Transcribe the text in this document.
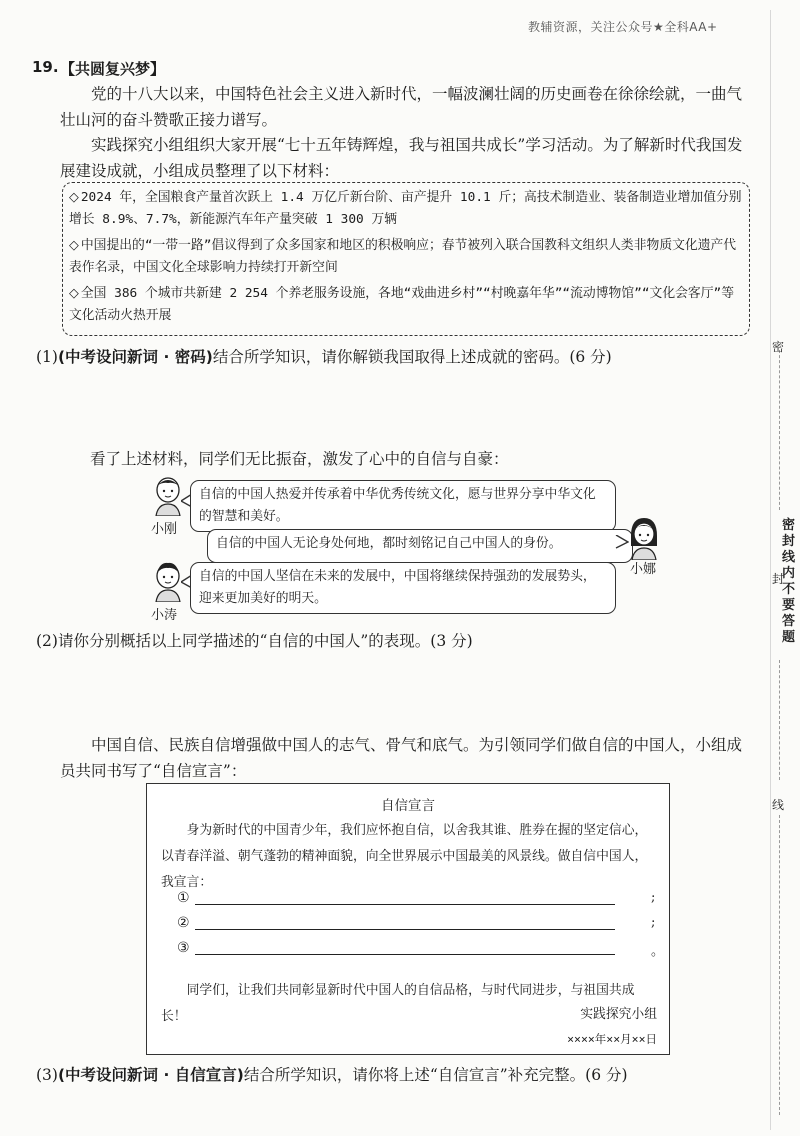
教辅资源，关注公众号★全科AA+
19. 【共圆复兴梦】
党的十八大以来，中国特色社会主义进入新时代，一幅波澜壮阔的历史画卷在徐徐绘就，一曲气壮山河的奋斗赞歌正接力谱写。
实践探究小组组织大家开展“七十五年铸辉煌，我与祖国共成长”学习活动。为了解新时代我国发展建设成就，小组成员整理了以下材料：
◇ 2024 年，全国粮食产量首次跃上 1.4 万亿斤新台阶、亩产提升 10.1 斤；高技术制造业、装备制造业增加值分别增长 8.9%、7.7%，新能源汽车年产量突破 1 300 万辆
◇ 中国提出的“一带一路”倡议得到了众多国家和地区的积极响应；春节被列入联合国教科文组织人类非物质文化遗产代表作名录，中国文化全球影响力持续打开新空间
◇ 全国 386 个城市共新建 2 254 个养老服务设施，各地“戏曲进乡村”“村晚嘉年华”“流动博物馆”“文化会客厅”等文化活动火热开展
(1)(中考设问新词 · 密码)结合所学知识，请你解锁我国取得上述成就的密码。(6 分)
看了上述材料，同学们无比振奋，激发了心中的自信与自豪：
小刚
自信的中国人热爱并传承着中华优秀传统文化，愿与世界分享中华文化的智慧和美好。
自信的中国人无论身处何地，都时刻铭记自己中国人的身份。
小娜
小涛
自信的中国人坚信在未来的发展中，中国将继续保持强劲的发展势头，迎来更加美好的明天。
(2)请你分别概括以上同学描述的“自信的中国人”的表现。(3 分)
中国自信、民族自信增强做中国人的志气、骨气和底气。为引领同学们做自信的中国人，小组成员共同书写了“自信宣言”：
自信宣言
身为新时代的中国青少年，我们应怀抱自信，以舍我其谁、胜券在握的坚定信心，以青春洋溢、朝气蓬勃的精神面貌，向全世界展示中国最美的风景线。做自信中国人，我宣言：
①	;
②	;
③	。
同学们，让我们共同彰显新时代中国人的自信品格，与时代同进步，与祖国共成长！	实践探究小组
××××年××月××日
(3)(中考设问新词 · 自信宣言)结合所学知识，请你将上述“自信宣言”补充完整。(6 分)
密
密封线内不要答题
封
线
